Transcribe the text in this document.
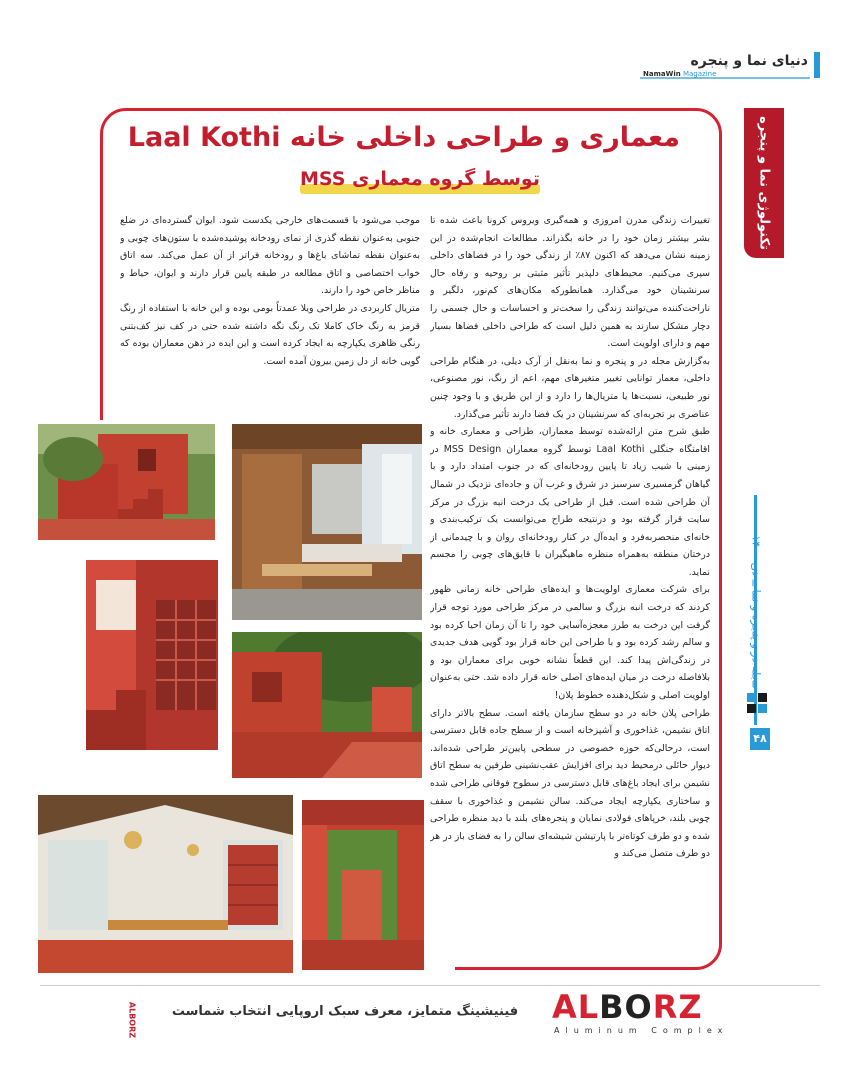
دنیای نما و پنجره
NamaWin Magazine
تکنولوژی نما و پنجره
مجله در و پنجره و نما ــ دی ۱۴۰۰
۴۸
معماری و طراحی داخلی خانه Laal Kothi
توسط گروه معماری MSS

تغییرات زندگی مدرن امروزی و همه‌گیری ویروس کرونا باعث شده تا بشر بیشتر زمان خود را در خانه بگذراند. مطالعات انجام‌شده در این زمینه نشان می‌دهد که اکنون ۸۷٪ از زندگی خود را در فضاهای داخلی سپری می‌کنیم. محیط‌های دلپذیر تأثیر مثبتی بر روحیه و رفاه حال سرنشینان خود می‌گذارد. همانطورکه مکان‌های کم‌نور، دلگیر و ناراحت‌کننده می‌توانند زندگی را سخت‌تر و احساسات و حال جسمی را دچار مشکل سازند به همین دلیل است که طراحی داخلی فضاها بسیار مهم و دارای اولویت است.

به‌گزارش مجله در و پنجره و نما به‌نقل از آرک دیلی، در هنگام طراحی داخلی، معمار توانایی تغییر متغیرهای مهم، اعم از رنگ، نور مصنوعی، نور طبیعی، نسبت‌ها یا متریال‌ها را دارد و از این طریق و با وجود چنین عناصری بر تجربه‌ای که سرنشینان در یک فضا دارند تأثیر می‌گذارد.

طبق شرح متن ارائه‌شده توسط معماران، طراحی و معماری خانه و اقامتگاه جنگلی Laal Kothi توسط گروه معماران MSS Design در زمینی با شیب زیاد تا پایین رودخانه‌ای که در جنوب امتداد دارد و با گیاهان گرمسیری سرسبز در شرق و غرب آن و جاده‌ای نزدیک در شمال آن طراحی شده است. قبل از طراحی یک درخت انبه بزرگ در مرکز سایت قرار گرفته بود و درنتیجه طراح می‌توانست یک ترکیب‌بندی و خانه‌ای منحصربه‌فرد و ایده‌آل در کنار رودخانه‌ای روان و با چیدمانی از درختان منطقه به‌همراه منظره ماهیگیران با قایق‌های چوبی را مجسم نماید.

برای شرکت معماری اولویت‌ها و ایده‌های طراحی خانه زمانی ظهور کردند که درخت انبه بزرگ و سالمی در مرکز طراحی مورد توجه قرار گرفت این درخت به طرز معجزه‌آسایی خود را تا آن زمان احیا کرده بود و سالم رشد کرده بود و با طراحی این خانه قرار بود گویی هدف جدیدی در زندگی‌اش پیدا کند. این قطعاً نشانه خوبی برای معماران بود و بلافاصله درخت در میان ایده‌های اصلی خانه قرار داده شد. حتی به‌عنوان اولویت اصلی و شکل‌دهنده خطوط پلان!

طراحی پلان خانه در دو سطح سازمان یافته است. سطح بالاتر دارای اتاق نشیمن، غذاخوری و آشپزخانه است و از سطح جاده قابل دسترسی است، درحالی‌که حوزه خصوصی در سطحی پایین‌تر طراحی شده‌اند. دیوار حائلی درمحیط دید برای افزایش عقب‌نشینی طرفین به سطح اتاق نشیمن برای ایجاد باغ‌های قابل دسترسی در سطوح فوقانی طراحی شده و ساختاری یکپارچه ایجاد می‌کند. سالن نشیمن و غذاخوری با سقف چوبی بلند، خرپاهای فولادی نمایان و پنجره‌های بلند با دید منظره طراحی شده و دو طرف کوتاه‌تر با پارتیشن شیشه‌ای سالن را به فضای باز در هر دو طرف متصل می‌کند و

موجب می‌شود با قسمت‌های خارجی یکدست شود. ایوان گسترده‌ای در ضلع جنوبی به‌عنوان نقطه گذری از نمای رودخانه پوشیده‌شده با ستون‌های چوبی و به‌عنوان نقطه تماشای باغ‌ها و رودخانه فراتر از آن عمل می‌کند. سه اتاق خواب اختصاصی و اتاق مطالعه در طبقه پایین قرار دارند و ایوان، حیاط و مناظر خاص خود را دارند.

متریال کاربردی در طراحی ویلا عمدتاً بومی بوده و این خانه با استفاده از رنگ قرمز به رنگ خاک کاملا تک رنگ نگه داشته شده حتی در کف نیز کف‌بتنی رنگی ظاهری یکپارچه به ایجاد کرده است و این ایده در ذهن معماران بوده که گویی خانه از دل زمین بیرون آمده است.

ALBORZ	فینیشینگ متمایز، معرف سبک اروپایی انتخاب شماست ALBORZ
Aluminum Complex
